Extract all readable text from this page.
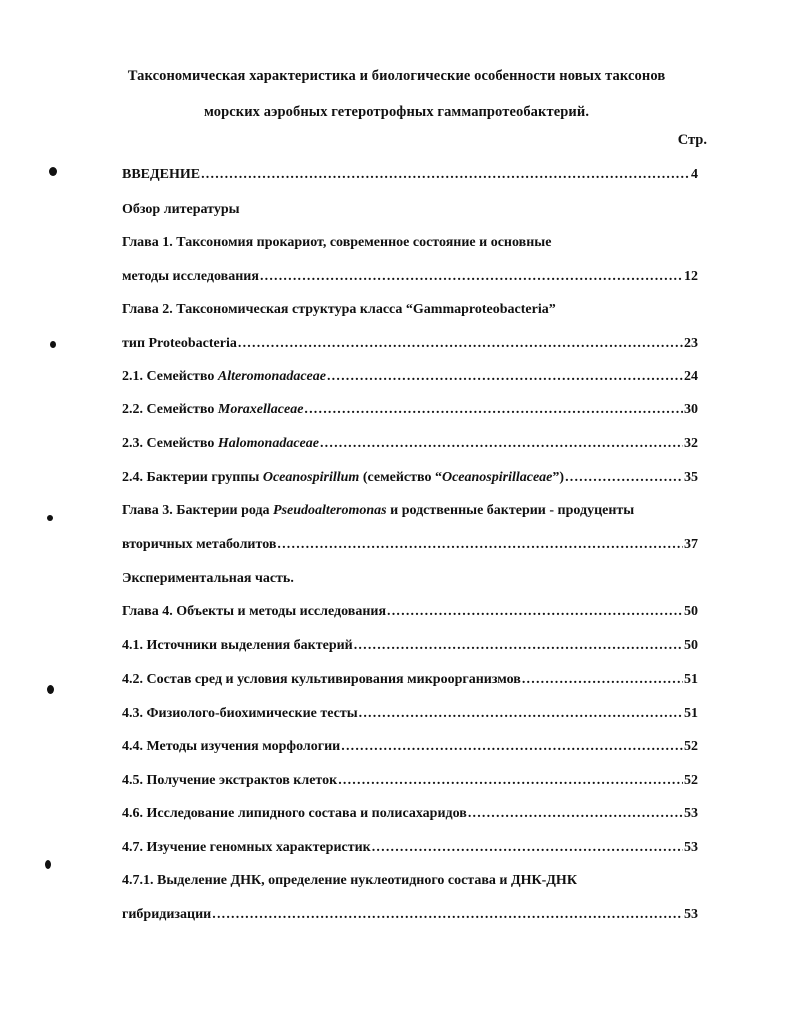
Таксономическая характеристика и биологические особенности новых таксонов
морских аэробных гетеротрофных гаммапротеобактерий.
Стр.
ВВЕДЕНИЕ .....	4
Обзор литературы
Глава 1. Таксономия прокариот, современное состояние и основные
методы исследования .....	12
Глава 2. Таксономическая структура класса “Gammaproteobacteria”
тип Proteobacteria .....	23
2.1. Семейство Alteromonadaceae .....	24
2.2. Семейство Moraxellaceae .....	30
2.3. Семейство Halomonadaceae .....	32
2.4. Бактерии группы Oceanospirillum (семейство “Oceanospirillaceae”) .....	35
Глава 3. Бактерии рода Pseudoalteromonas и родственные бактерии - продуценты
вторичных метаболитов .....	37
Экспериментальная часть.
Глава 4. Объекты и методы исследования .....	50
4.1. Источники выделения бактерий .....	50
4.2. Состав сред и условия культивирования микроорганизмов .....	51
4.3. Физиолого-биохимические тесты .....	51
4.4. Методы изучения морфологии .....	52
4.5. Получение экстрактов клеток .....	52
4.6. Исследование липидного состава и полисахаридов .....	53
4.7. Изучение геномных характеристик .....	53
4.7.1. Выделение ДНК, определение нуклеотидного состава и ДНК-ДНК
гибридизации .....	53
